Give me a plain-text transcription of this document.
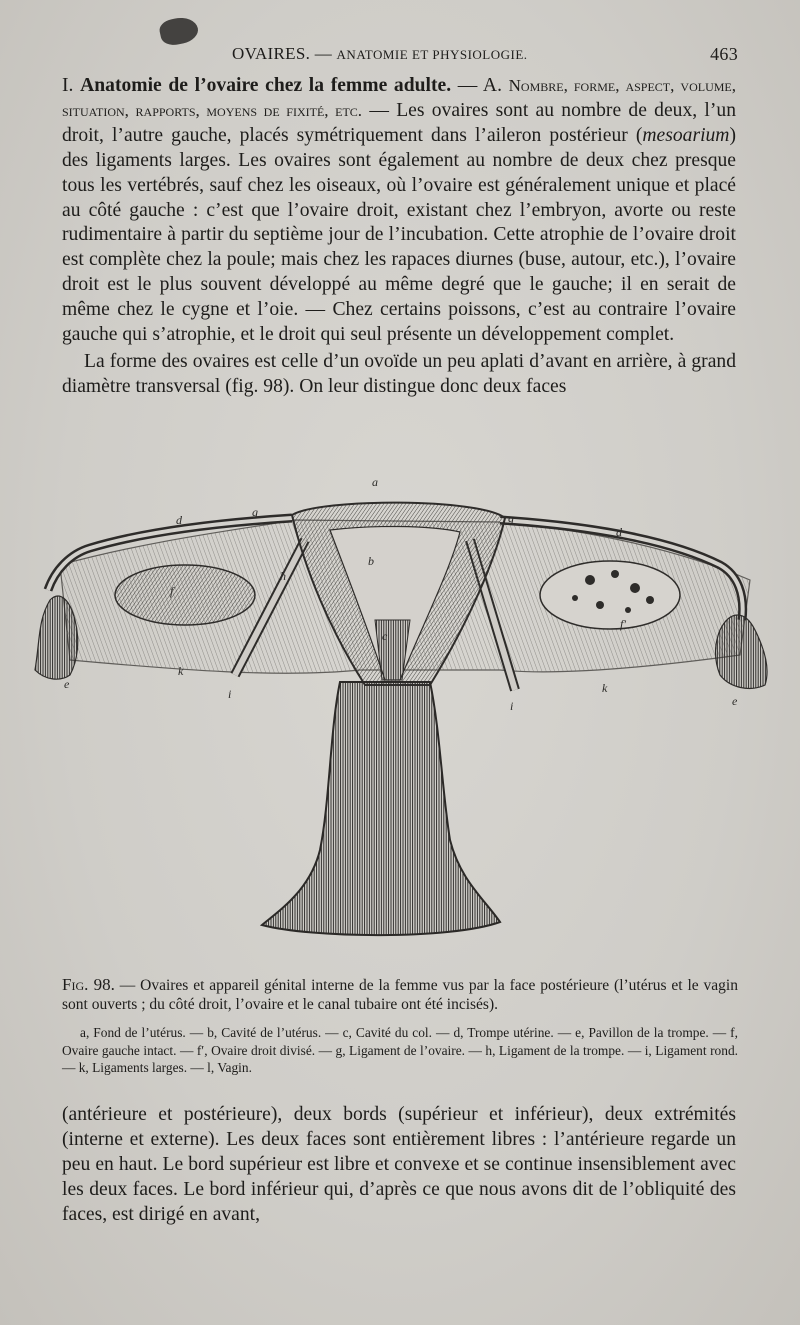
OVAIRES. — ANATOMIE ET PHYSIOLOGIE.	463

I. Anatomie de l’ovaire chez la femme adulte. — A. Nombre, forme, aspect, volume, situation, rapports, moyens de fixité, etc. — Les ovaires sont au nombre de deux, l’un droit, l’autre gauche, placés symétriquement dans l’aileron postérieur (mesoarium) des ligaments larges. Les ovaires sont également au nombre de deux chez presque tous les vertébrés, sauf chez les oiseaux, où l’ovaire est généralement unique et placé au côté gauche : c’est que l’ovaire droit, existant chez l’embryon, avorte ou reste rudimentaire à partir du septième jour de l’incubation. Cette atrophie de l’ovaire droit est complète chez la poule; mais chez les rapaces diurnes (buse, autour, etc.), l’ovaire droit est le plus souvent développé au même degré que le gauche; il en serait de même chez le cygne et l’oie. — Chez certains poissons, c’est au contraire l’ovaire gauche qui s’atrophie, et le droit qui seul présente un développement complet.

La forme des ovaires est celle d’un ovoïde un peu aplati d’avant en arrière, à grand diamètre transversal (fig. 98). On leur distingue donc deux faces

a
b
c
d
d
e
e
f
f'
g	g
h
i
i
k
k
Fig. 98. — Ovaires et appareil génital interne de la femme vus par la face postérieure (l’utérus et le vagin sont ouverts ; du côté droit, l’ovaire et le canal tubaire ont été incisés).
a, Fond de l’utérus. — b, Cavité de l’utérus. — c, Cavité du col. — d, Trompe utérine. — e, Pavillon de la trompe. — f, Ovaire gauche intact. — f′, Ovaire droit divisé. — g, Ligament de l’ovaire. — h, Ligament de la trompe. — i, Ligament rond. — k, Ligaments larges. — l, Vagin.

(antérieure et postérieure), deux bords (supérieur et inférieur), deux extrémités (interne et externe). Les deux faces sont entièrement libres : l’antérieure regarde un peu en haut. Le bord supérieur est libre et convexe et se continue insensiblement avec les deux faces. Le bord inférieur qui, d’après ce que nous avons dit de l’obliquité des faces, est dirigé en avant,
